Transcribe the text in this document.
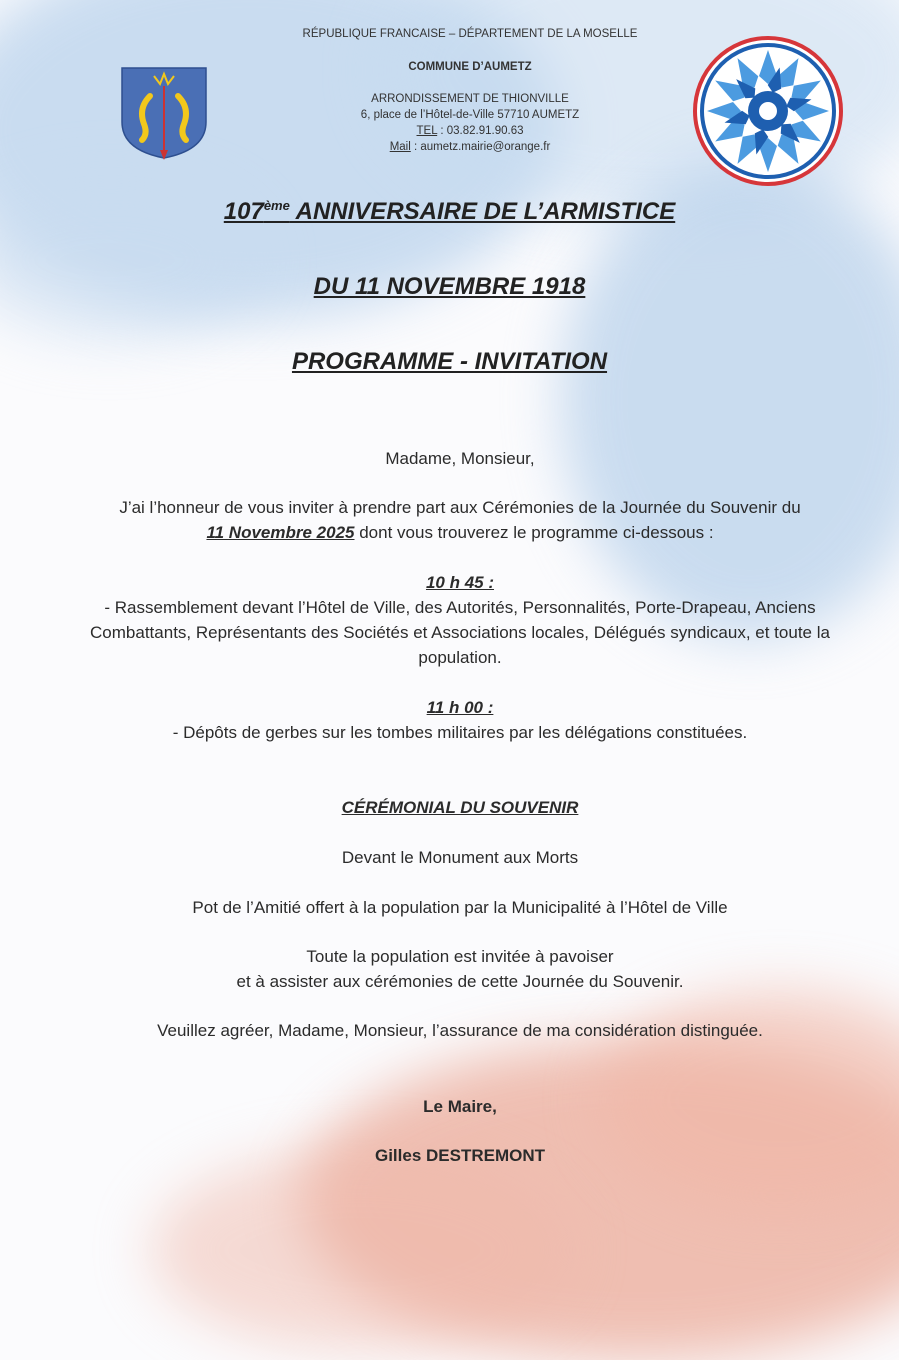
RÉPUBLIQUE FRANCAISE – DÉPARTEMENT DE LA MOSELLE
COMMUNE D’AUMETZ
ARRONDISSEMENT DE THIONVILLE
6, place de l’Hôtel-de-Ville 57710 AUMETZ
TEL : 03.82.91.90.63
Mail : aumetz.mairie@orange.fr
107ème ANNIVERSAIRE DE L’ARMISTICE
DU 11 NOVEMBRE 1918
PROGRAMME - INVITATION
Madame, Monsieur,
J’ai l’honneur de vous inviter à prendre part aux Cérémonies de la Journée du Souvenir du
11 Novembre 2025 dont vous trouverez le programme ci-dessous :
10 h 45 :
- Rassemblement devant l’Hôtel de Ville, des Autorités, Personnalités, Porte-Drapeau, Anciens
Combattants, Représentants des Sociétés et Associations locales, Délégués syndicaux, et toute la
population.
11 h 00 :
- Dépôts de gerbes sur les tombes militaires par les délégations constituées.
CÉRÉMONIAL DU SOUVENIR
Devant le Monument aux Morts
Pot de l’Amitié offert à la population par la Municipalité à l’Hôtel de Ville
Toute la population est invitée à pavoiser
et à assister aux cérémonies de cette Journée du Souvenir.
Veuillez agréer, Madame, Monsieur, l’assurance de ma considération distinguée.
Le Maire,
Gilles DESTREMONT
